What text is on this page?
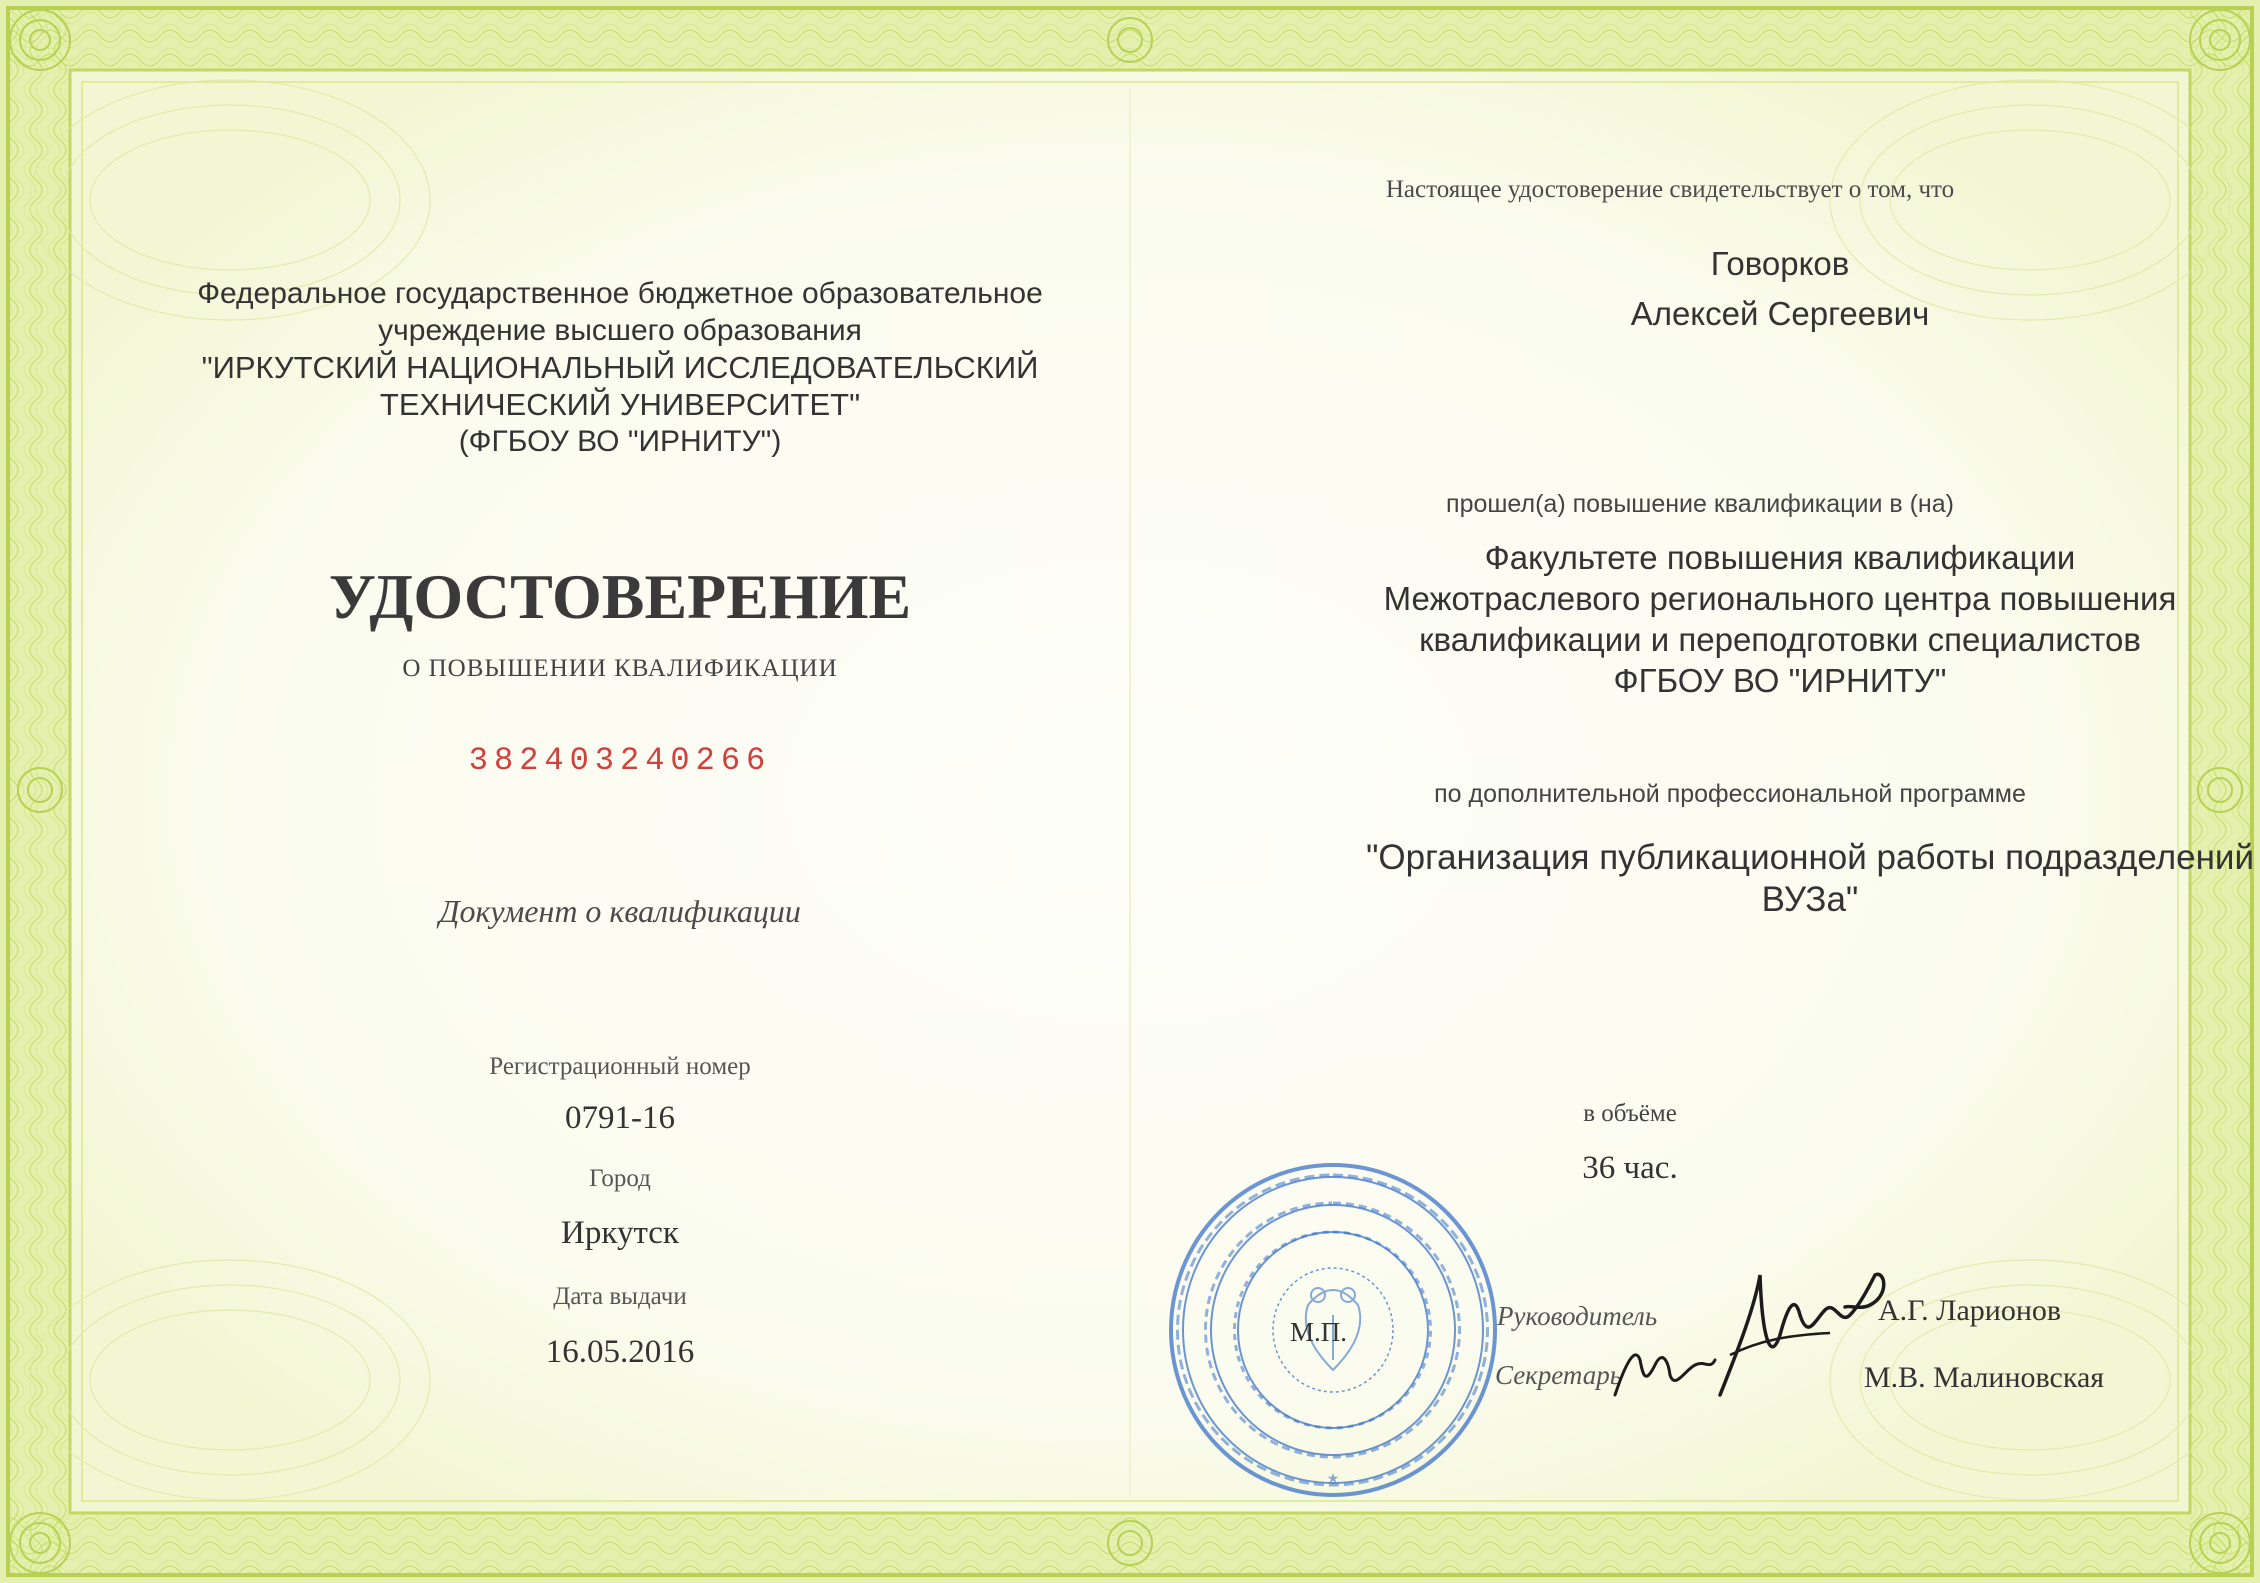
Федеральное государственное бюджетное образовательное
учреждение высшего образования
"ИРКУТСКИЙ НАЦИОНАЛЬНЫЙ ИССЛЕДОВАТЕЛЬСКИЙ
ТЕХНИЧЕСКИЙ УНИВЕРСИТЕТ"
(ФГБОУ ВО "ИРНИТУ")
УДОСТОВЕРЕНИЕ
О ПОВЫШЕНИИ КВАЛИФИКАЦИИ
382403240266
Документ о квалификации
Регистрационный номер
0791-16
Город
Иркутск
Дата выдачи
16.05.2016
Настоящее удостоверение свидетельствует о том, что
Говорков
Алексей Сергеевич
прошел(а) повышение квалификации в (на)
Факультете повышения квалификации
Межотраслевого регионального центра повышения
квалификации и переподготовки специалистов
ФГБОУ ВО "ИРНИТУ"
по дополнительной профессиональной программе
"Организация публикационной работы подразделений
ВУЗа"
в объёме
36 час.
★
М.П.
Руководитель	А.Г. Ларионов
Секретарь	М.В. Малиновская
